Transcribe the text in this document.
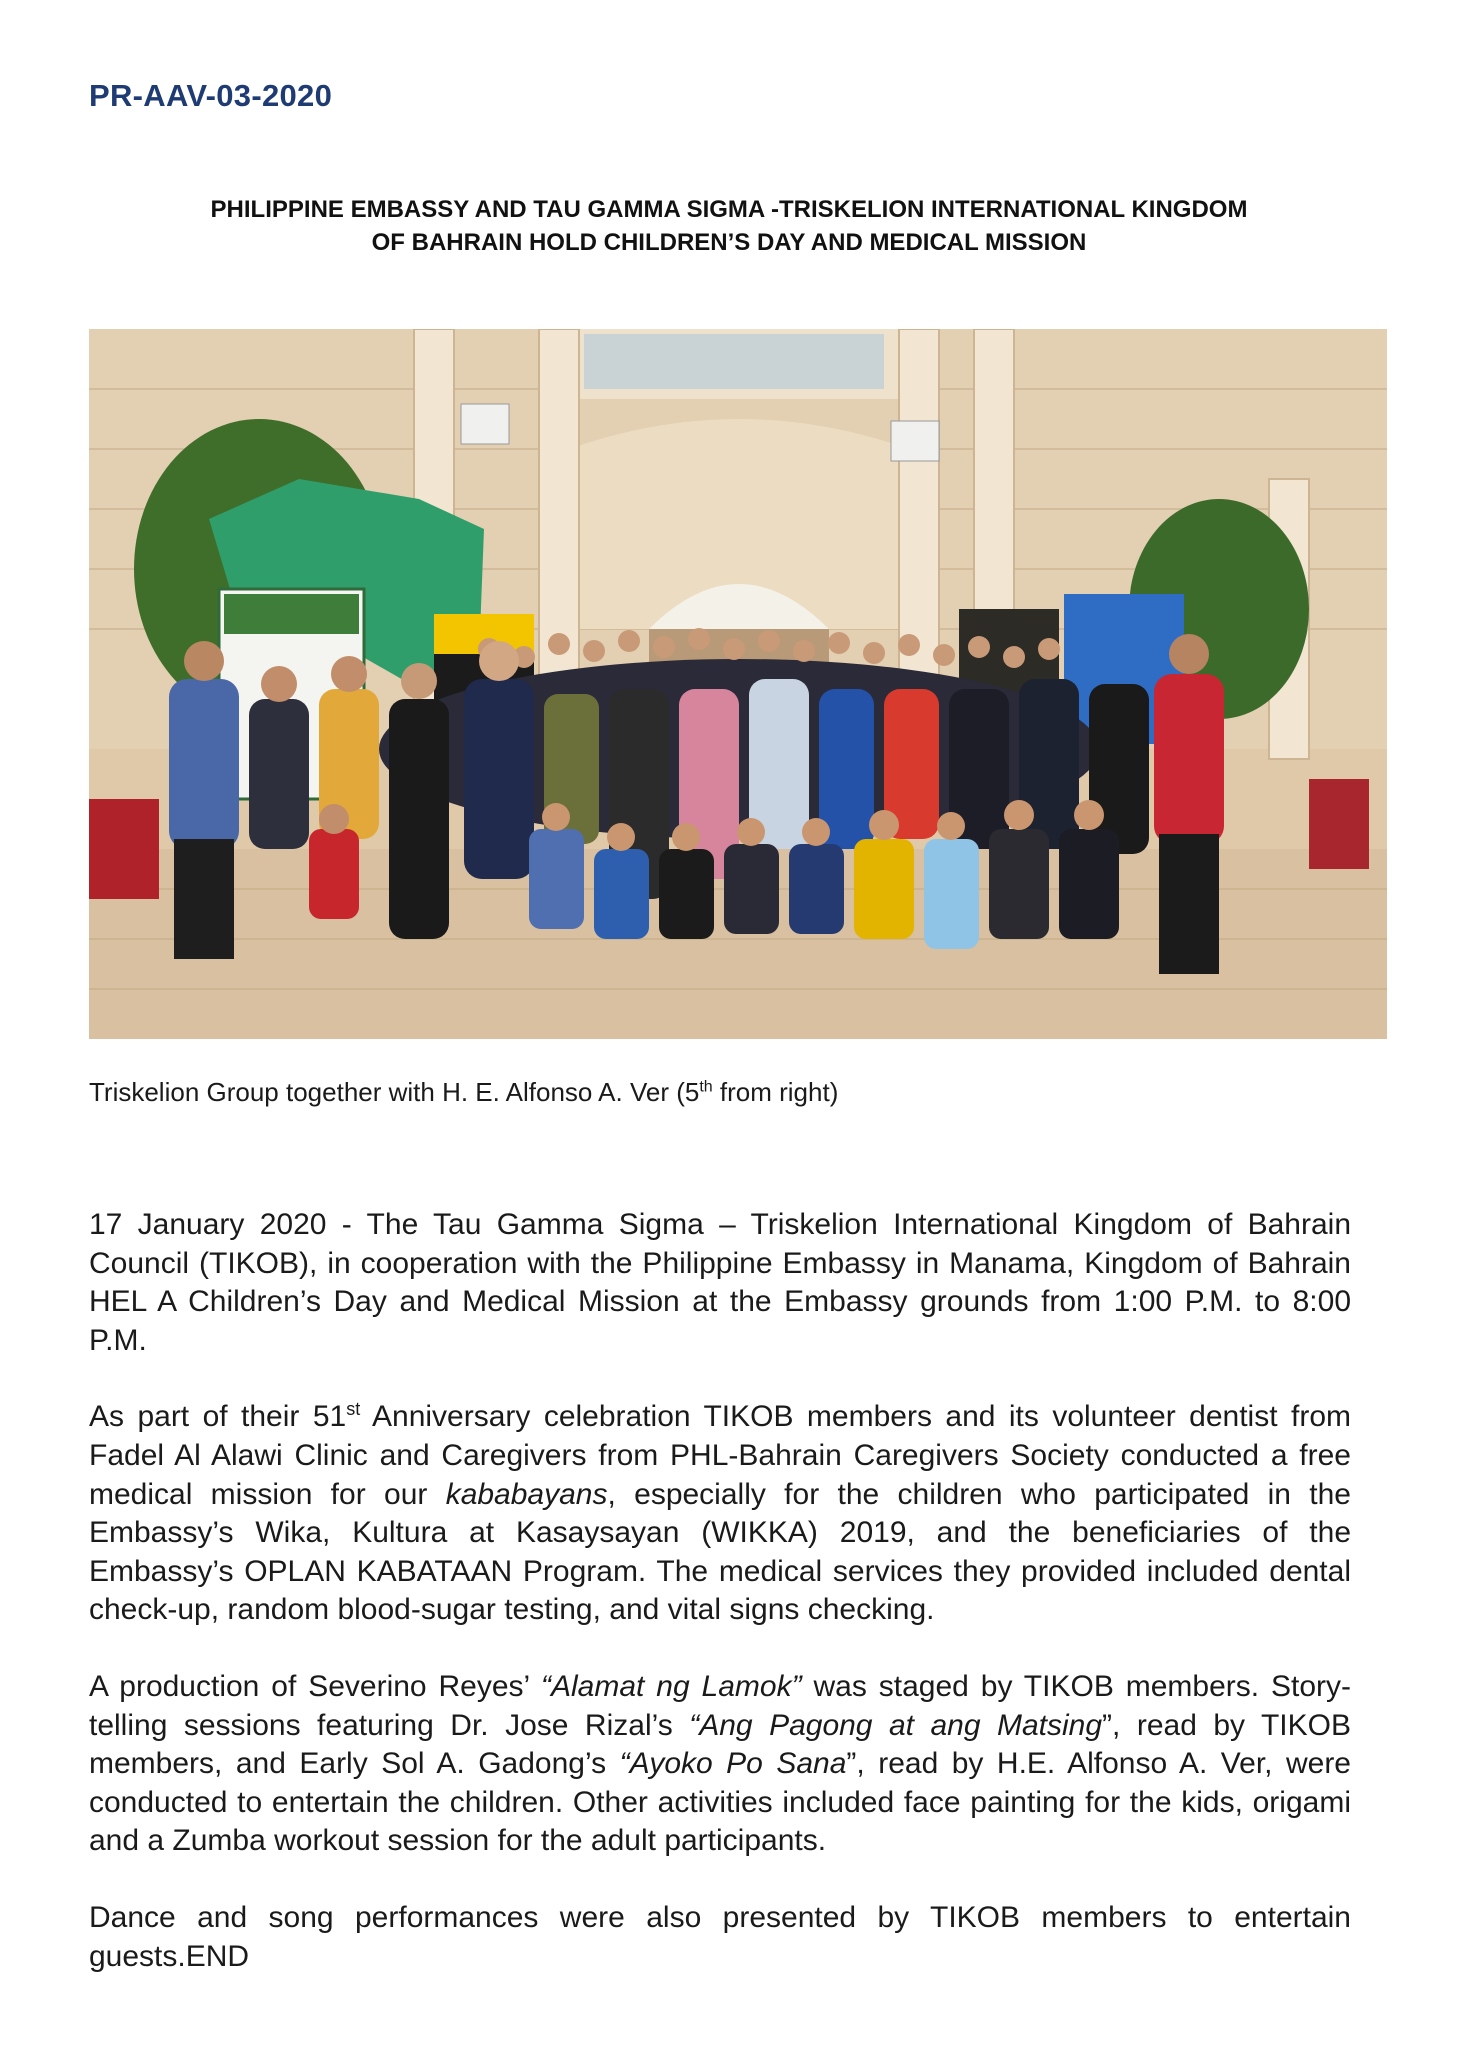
PR-AAV-03-2020
PHILIPPINE EMBASSY AND TAU GAMMA SIGMA -TRISKELION INTERNATIONAL KINGDOM
OF BAHRAIN HOLD CHILDREN’S DAY AND MEDICAL MISSION
Triskelion Group together with H. E. Alfonso A. Ver (5th from right)

17 January 2020 - The Tau Gamma Sigma – Triskelion International Kingdom of Bahrain Council (TIKOB), in cooperation with the Philippine Embassy in Manama, Kingdom of Bahrain HEL A Children’s Day and Medical Mission at the Embassy grounds from 1:00 P.M. to 8:00 P.M.

As part of their 51st Anniversary celebration TIKOB members and its volunteer dentist from Fadel Al Alawi Clinic and Caregivers from PHL-Bahrain Caregivers Society conducted a free medical mission for our kababayans, especially for the children who participated in the Embassy’s Wika, Kultura at Kasaysayan (WIKKA) 2019, and the beneficiaries of the Embassy’s OPLAN KABATAAN Program. The medical services they provided included dental check-up, random blood-sugar testing, and vital signs checking.

A production of Severino Reyes’ “Alamat ng Lamok” was staged by TIKOB members. Story-telling sessions featuring Dr. Jose Rizal’s “Ang Pagong at ang Matsing”, read by TIKOB members, and Early Sol A. Gadong’s “Ayoko Po Sana”, read by H.E. Alfonso A. Ver, were conducted to entertain the children. Other activities included face painting for the kids, origami and a Zumba workout session for the adult participants.

Dance and song performances were also presented by TIKOB members to entertain guests.END
